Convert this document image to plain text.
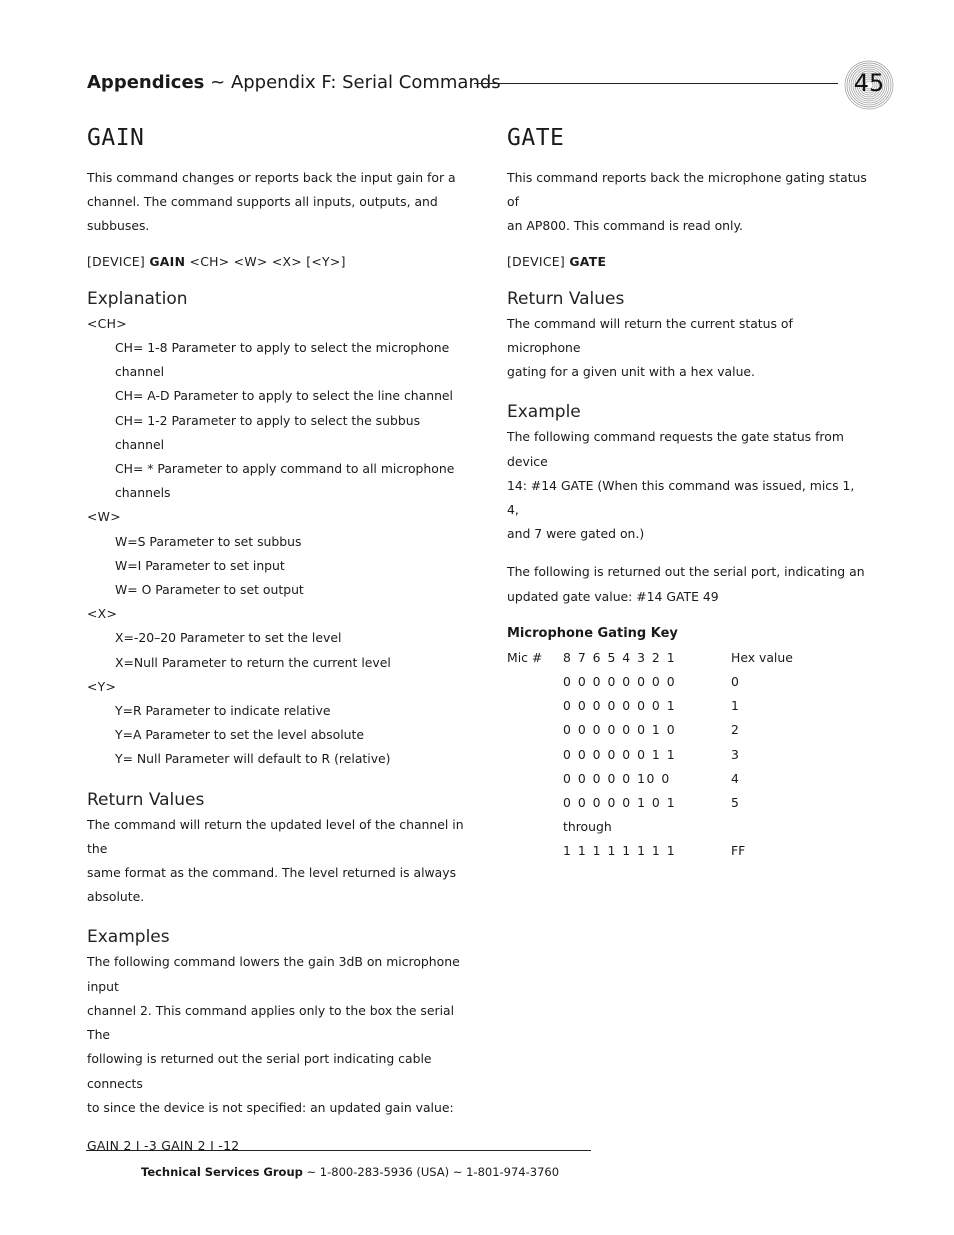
Appendices ~ Appendix F: Serial Commands	45
GAIN

This command changes or reports back the input gain for a

channel. The command supports all inputs, outputs, and subbuses.

[DEVICE] GAIN <CH> <W> <X> [<Y>]

Explanation

<CH>

CH= 1-8 Parameter to apply to select the microphone

channel

CH= A-D Parameter to apply to select the line channel

CH= 1-2 Parameter to apply to select the subbus

channel

CH= * Parameter to apply command to all microphone

channels

<W>

W=S Parameter to set subbus

W=I Parameter to set input

W= O Parameter to set output

<X>

X=-20–20 Parameter to set the level

X=Null Parameter to return the current level

<Y>

Y=R Parameter to indicate relative

Y=A Parameter to set the level absolute

Y= Null Parameter will default to R (relative)

Return Values

The command will return the updated level of the channel in the

same format as the command. The level returned is always

absolute.

Examples

The following command lowers the gain 3dB on microphone input

channel 2. This command applies only to the box the serial The

following is returned out the serial port indicating cable connects

to since the device is not specified: an updated gain value:

GAIN 2 I -3 GAIN 2 I -12

GATE

This command reports back the microphone gating status of

an AP800. This command is read only.

[DEVICE] GATE

Return Values

The command will return the current status of microphone

gating for a given unit with a hex value.

Example

The following command requests the gate status from device

14: #14 GATE (When this command was issued, mics 1, 4,

and 7 were gated on.)

The following is returned out the serial port, indicating an

updated gate value: #14 GATE 49

Microphone Gating Key

Mic #	8 7 6 5 4 3 2 1	Hex value
	0 0 0 0 0 0 0 0	0
	0 0 0 0 0 0 0 1	1
	0 0 0 0 0 0 1 0	2
	0 0 0 0 0 0 1 1	3
	0 0 0 0 0 10 0	4
	0 0 0 0 0 1 0 1	5
	through	
	1 1 1 1 1 1 1 1	FF
Technical Services Group ~ 1-800-283-5936 (USA) ~ 1-801-974-3760
